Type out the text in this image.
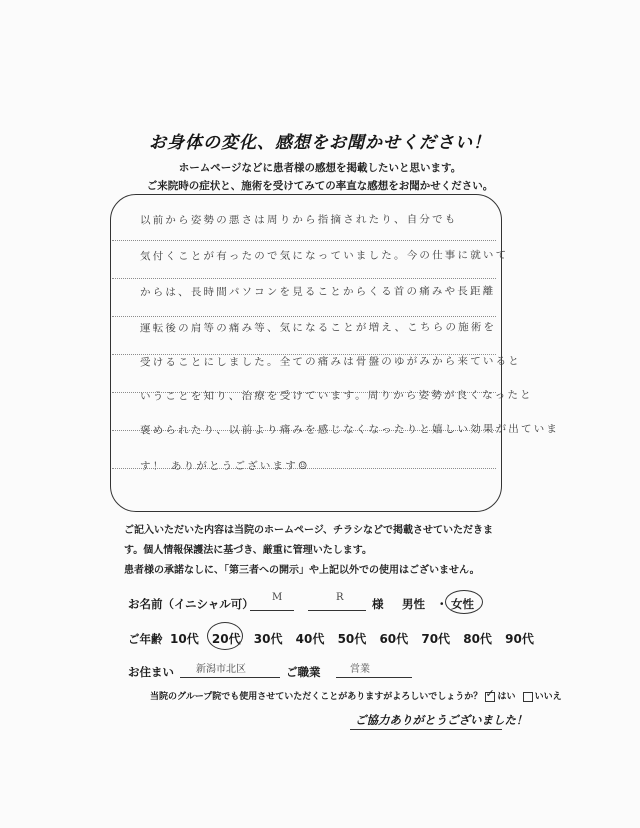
お身体の変化、感想をお聞かせください！
ホームページなどに患者様の感想を掲載したいと思います。
ご来院時の症状と、施術を受けてみての率直な感想をお聞かせください。
以前から姿勢の悪さは周りから指摘されたり、自分でも
気付くことが有ったので気になっていました。今の仕事に就いて
からは、長時間パソコンを見ることからくる首の痛みや長距離
運転後の肩等の痛み等、気になることが増え、こちらの施術を
受けることにしました。全ての痛みは骨盤のゆがみから来ていると
いうことを知り、治療を受けています。周りから姿勢が良くなったと
褒められたり、以前より痛みを感じなくなったりと嬉しい効果が出ていま
す！ ありがとうございます☺
ご記入いただいた内容は当院のホームページ、チラシなどで掲載させていただきま
す。個人情報保護法に基づき、厳重に管理いたします。
患者様の承諾なしに、「第三者への開示」や上記以外での使用はございません。
お名前（イニシャル可） M	R 様 男性 ・ 女性
ご年齢 10代 20代 30代 40代 50代 60代 70代 80代 90代
お住まい 新潟市北区	ご職業	営業
当院のグループ院でも使用させていただくことがありますがよろしいでしょうか？ ✓ はい いいえ
ご協力ありがとうございました！
